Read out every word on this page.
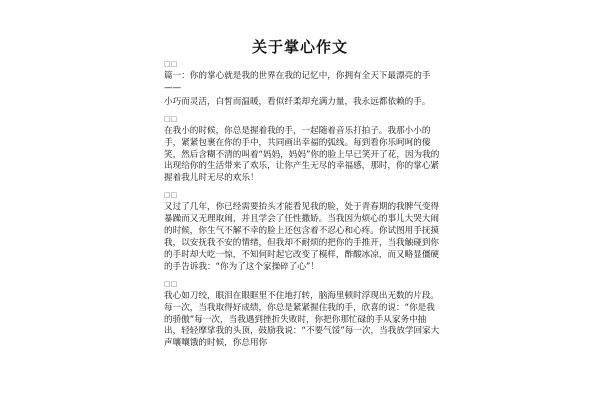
关于掌心作文
□□

篇一：你的掌心就是我的世界在我的记忆中，你拥有全天下最漂亮的手——

小巧而灵活，白皙而温暖，看似纤柔却充满力量，我永远都依赖的手。

□□

在我小的时候，你总是握着我的手，一起随着音乐打拍子。我那小小的手，紧紧包裹在你的手中，共同画出幸福的弧线。每到看你乐呵呵的傻笑，然后含糊不清的叫着“妈妈，妈妈”你的脸上早已笑开了花，因为我的出现给你的生活带来了欢乐，让你产生无尽的幸福感，那时，你的掌心紧握着我儿时无尽的欢乐！

□□

又过了几年，你已经需要抬头才能看见我的脸，处于青春期的我脾气变得暴躁而又无理取闹，并且学会了任性撒娇。当我因为烦心的事儿大哭大闹的时候，你生气不解不幸的脸上还包含着不忍心和心疼。你试图用手抚摸我，以安抚我不安的情绪，但我却不耐烦的把你的手推开，当我触碰到你的手时却大吃一惊，不知何时起它改变了模样，酢酸冰凉，而又略显僵硬的手告诉我：“你为了这个家操碎了心”！

□□

我心如刀绞，眼泪在眼眶里不住地打转，脑海里顿时浮现出无数的片段。每一次，当我取得好成绩，你总是紧紧握住我的手，欣喜的说：“你是我的骄傲”每一次，当我遇到挫折失败时，你把你那忙碌的手从家务中抽出，轻轻摩挲我的头顶，鼓励我说：“不要气馁”每一次，当我放学回家大声嚷嚷饿的时候，你总用你
